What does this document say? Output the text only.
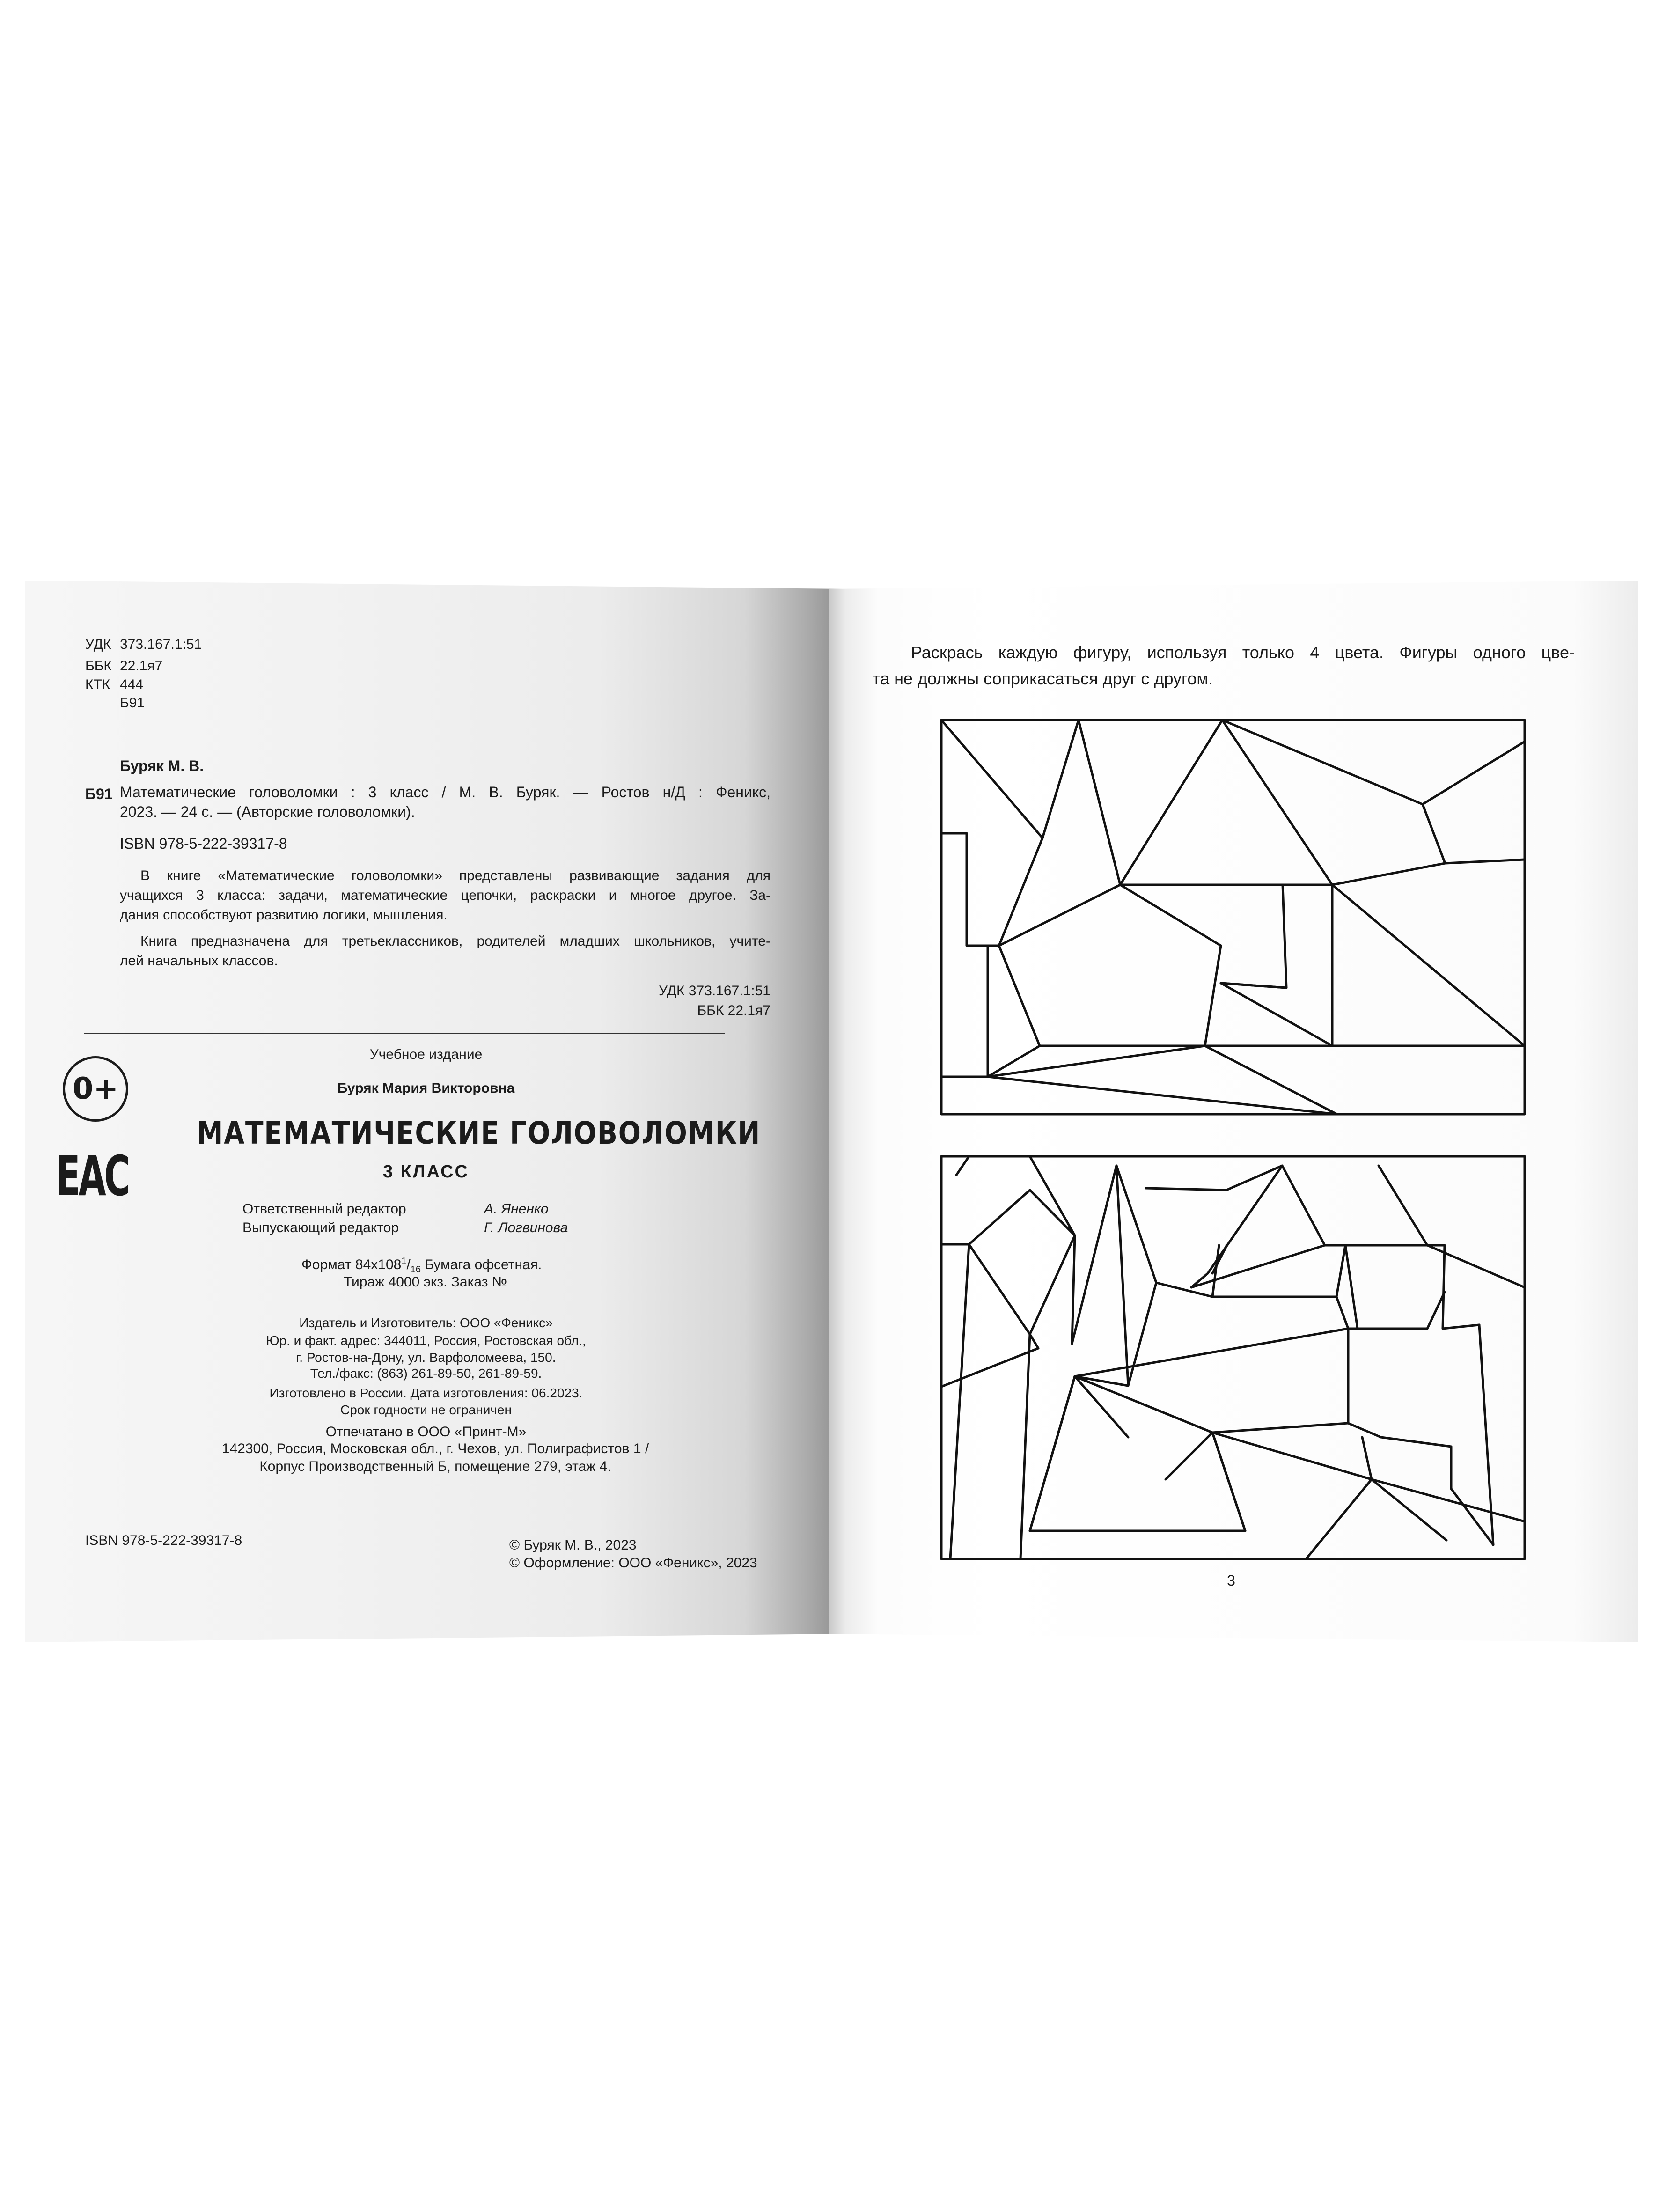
УДК 373.167.1:51
ББК 22.1я7
КТК 444
Б91
Буряк М. В.
Б91 Математические головоломки : 3 класс / М. В. Буряк. — Ростов н/Д : Феникс,
2023. — 24 с. — (Авторские головоломки).
ISBN 978-5-222-39317-8
В книге «Математические головоломки» представлены развивающие задания для
учащихся 3 класса: задачи, математические цепочки, раскраски и многое другое. За-
дания способствуют развитию логики, мышления.
Книга предназначена для третьеклассников, родителей младших школьников, учите-
лей начальных классов.
УДК 373.167.1:51
ББК 22.1я7
0+
ЕАС
Учебное издание
Буряк Мария Викторовна
МАТЕМАТИЧЕСКИЕ ГОЛОВОЛОМКИ
3 КЛАСС
Ответственный редактор	А. Яненко
Выпускающий редактор	Г. Логвинова
Формат $84x108^1/_{16}$ Бумага офсетная.
Тираж 4000 экз. Заказ №
Издатель и Изготовитель: ООО «Феникс»
Юр. и факт. адрес: 344011, Россия, Ростовская обл.,
г. Ростов-на-Дону, ул. Варфоломеева, 150.
Тел./факс: (863) 261-89-50, 261-89-59.
Изготовлено в России. Дата изготовления: 06.2023.
Срок годности не ограничен
Отпечатано в ООО «Принт-М»
142300, Россия, Московская обл., г. Чехов, ул. Полиграфистов 1 /
Корпус Производственный Б, помещение 279, этаж 4.
ISBN 978-5-222-39317-8	© Буряк М. В., 2023
© Оформление: ООО «Феникс», 2023
Раскрась каждую фигуру, используя только 4 цвета. Фигуры одного цве-
та не должны соприкасаться друг с другом.
3
